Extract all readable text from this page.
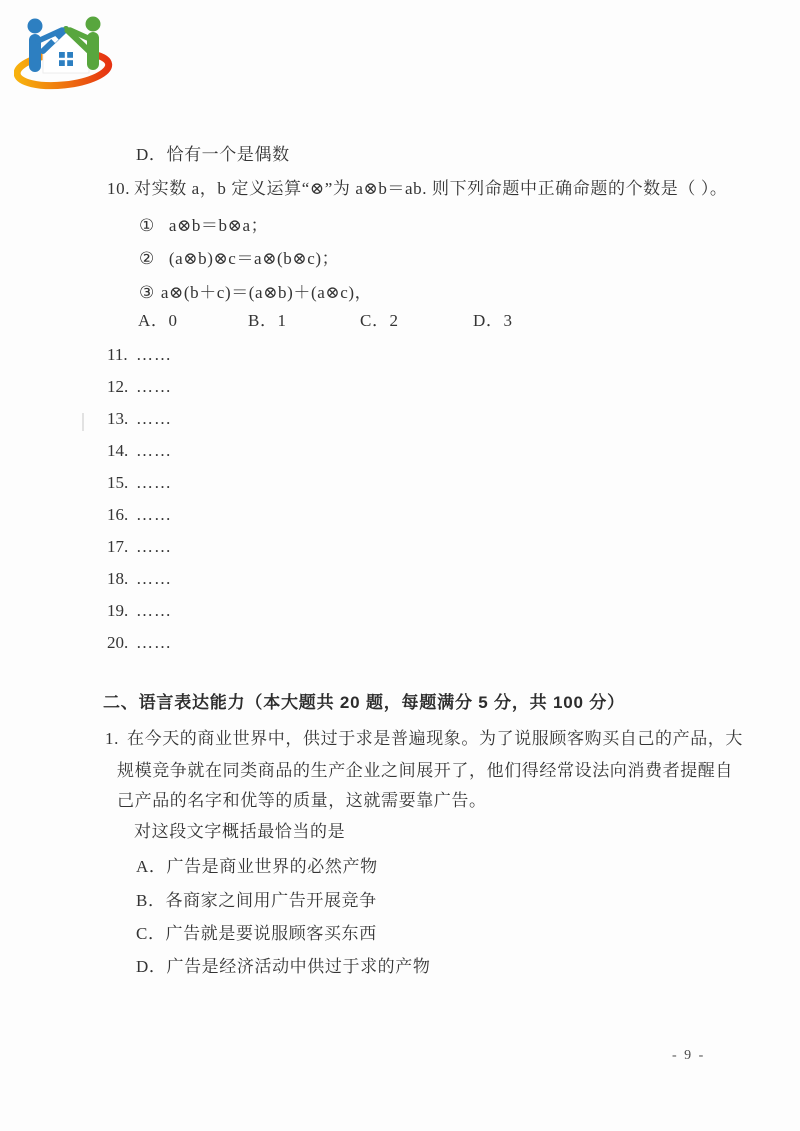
D．恰有一个是偶数
10. 对实数 a，b 定义运算“⊗”为 a⊗b＝ab. 则下列命题中正确命题的个数是（ ）。
① a⊗b＝b⊗a；
② (a⊗b)⊗c＝a⊗(b⊗c)；
③ a⊗(b＋c)＝(a⊗b)＋(a⊗c)，
A．0	B．1	C．2	D．3
11. ……
12. ……
13. ……
14. ……
15. ……
16. ……
17. ……
18. ……
19. ……
20. ……
二、语言表达能力（本大题共 20 题，每题满分 5 分，共 100 分）
1. 在今天的商业世界中，供过于求是普遍现象。为了说服顾客购买自己的产品，大
规模竞争就在同类商品的生产企业之间展开了，他们得经常设法向消费者提醒自
己产品的名字和优等的质量，这就需要靠广告。
对这段文字概括最恰当的是
A．广告是商业世界的必然产物
B．各商家之间用广告开展竞争
C．广告就是要说服顾客买东西
D．广告是经济活动中供过于求的产物
- 9 -
